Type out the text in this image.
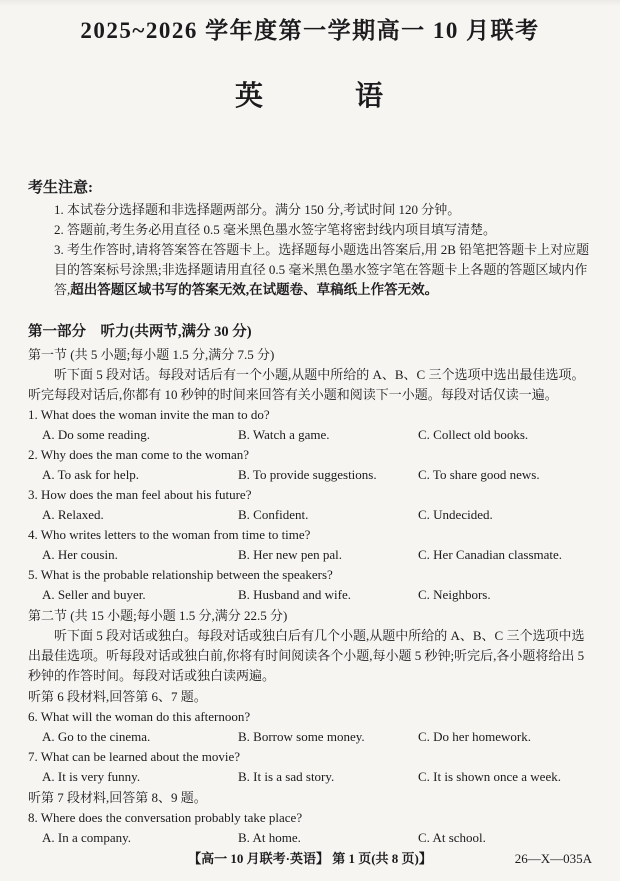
2025~2026 学年度第一学期高一 10 月联考
英　　　语
考生注意:
1. 本试卷分选择题和非选择题两部分。满分 150 分,考试时间 120 分钟。
2. 答题前,考生务必用直径 0.5 毫米黑色墨水签字笔将密封线内项目填写清楚。
3. 考生作答时,请将答案答在答题卡上。选择题每小题选出答案后,用 2B 铅笔把答题卡上对应题目的答案标号涂黑;非选择题请用直径 0.5 毫米黑色墨水签字笔在答题卡上各题的答题区域内作答,超出答题区域书写的答案无效,在试题卷、草稿纸上作答无效。
第一部分　听力(共两节,满分 30 分)
第一节 (共 5 小题;每小题 1.5 分,满分 7.5 分)
听下面 5 段对话。每段对话后有一个小题,从题中所给的 A、B、C 三个选项中选出最佳选项。听完每段对话后,你都有 10 秒钟的时间来回答有关小题和阅读下一小题。每段对话仅读一遍。
1. What does the woman invite the man to do?
A. Do some reading.	B. Watch a game.	C. Collect old books.
2. Why does the man come to the woman?
A. To ask for help.	B. To provide suggestions.	C. To share good news.
3. How does the man feel about his future?
A. Relaxed.	B. Confident.	C. Undecided.
4. Who writes letters to the woman from time to time?
A. Her cousin.	B. Her new pen pal.	C. Her Canadian classmate.
5. What is the probable relationship between the speakers?
A. Seller and buyer.	B. Husband and wife.	C. Neighbors.
第二节 (共 15 小题;每小题 1.5 分,满分 22.5 分)
听下面 5 段对话或独白。每段对话或独白后有几个小题,从题中所给的 A、B、C 三个选项中选出最佳选项。听每段对话或独白前,你将有时间阅读各个小题,每小题 5 秒钟;听完后,各小题将给出 5 秒钟的作答时间。每段对话或独白读两遍。
听第 6 段材料,回答第 6、7 题。
6. What will the woman do this afternoon?
A. Go to the cinema.	B. Borrow some money.	C. Do her homework.
7. What can be learned about the movie?
A. It is very funny.	B. It is a sad story.	C. It is shown once a week.
听第 7 段材料,回答第 8、9 题。
8. Where does the conversation probably take place?
A. In a company.	B. At home.	C. At school.
【高一 10 月联考·英语】 第 1 页(共 8 页)】	26—X—035A
